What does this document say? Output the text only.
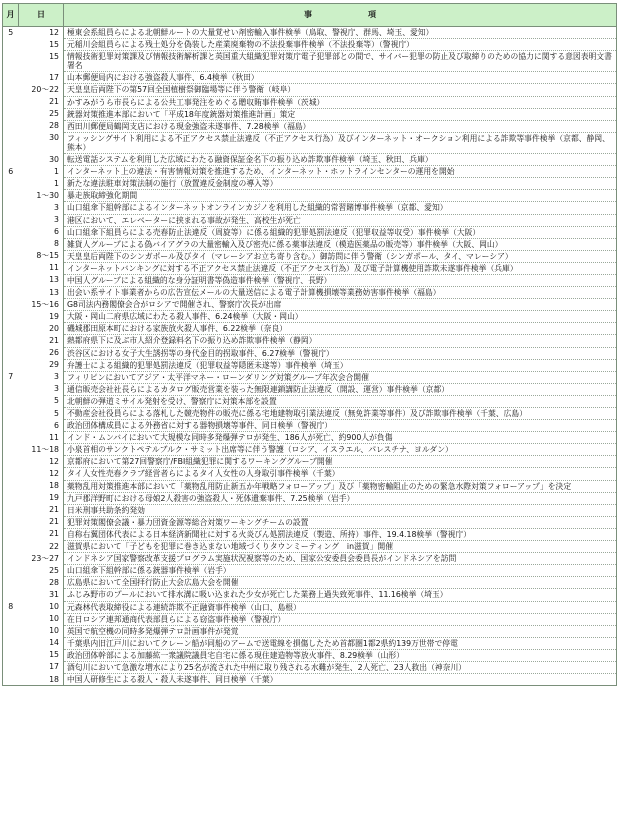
月	日	事　　　　　　　項
5	12	極東会系組員らによる北朝鮮ルートの大量覚せい剤密輸入事件検挙（鳥取、警視庁、群馬、埼玉、愛知）
	15	元稲川会組員らによる残土処分を偽装した産業廃棄物の不法投棄事件検挙（不法投棄等）（警視庁）
	15	情報技術犯罪対策課及び情報技術解析課と英国重大組織犯罪対策庁電子犯罪部との間で、サイバー犯罪の防止及び取締りのための協力に関する意図表明文書署名
	17	山本郵便局内における強盗殺人事件、6.4検挙（秋田）
	20～22	天皇皇后両陛下の第57回全国植樹祭御臨場等に伴う警衛（岐阜）
	21	かすみがうら市長らによる公共工事発注をめぐる贈収賄事件検挙（茨城）
	25	銃器対策推進本部において「平成18年度銃器対策推進計画」策定
	28	西田川郵便局鶴岡支店における現金強盗未遂事件、7.28検挙（福島）
	30	フィッシングサイト利用による不正アクセス禁止法違反（不正アクセス行為）及びインターネット・オークション利用による詐欺等事件検挙（京都、静岡、熊本）
	30	転送電話システムを利用した広域にわたる融資保証金名下の振り込め詐欺事件検挙（埼玉、秋田、兵庫）
6	1	インターネット上の違法・有害情報対策を推進するため、インターネット・ホットラインセンターの運用を開始
	1	新たな違法駐車対策法制の施行（放置違反金制度の導入等）
	1～30	暴走族取締強化期間
	3	山口組傘下組幹部によるインターネットオンラインカジノを利用した組織的常習賭博事件検挙（京都、愛知）
	3	港区において、エレベーターに挟まれる事故が発生、高校生が死亡
	6	山口組傘下組員らによる売春防止法違反（周旋等）に係る組織的犯罪処罰法違反（犯罪収益等収受）事件検挙（大阪）
	8	雑貨人グループによる偽バイアグラの大量密輸入及び密売に係る薬事法違反（模造医薬品の販売等）事件検挙（大阪、岡山）
	8～15	天皇皇后両陛下のシンガポール及びタイ（マレーシアお立ち寄り含む。）御訪問に伴う警衛（シンガポール、タイ、マレーシア）
	11	インターネットバンキングに対する不正アクセス禁止法違反（不正アクセス行為）及び電子計算機使用詐欺未遂事件検挙（兵庫）
	13	中国人グループによる組織的な身分証明書等偽造事件検挙（警視庁、長野）
	13	出会い系サイト事業者からの広告宣伝メールの大量送信による電子計算機損壊等業務妨害事件検挙（福島）
	15～16	G8司法内務閣僚会合がロシアで開催され、警察庁次長が出席
	19	大阪・岡山二府県広域にわたる殺人事件、6.24検挙（大阪・岡山）
	20	磯城郡田原本町における家族放火殺人事件、6.22検挙（奈良）
	21	熱都府県下に及ぶ市人紹介登録料名下の振り込め詐欺事件検挙（静岡）
	26	渋谷区における女子大生誘拐等の身代金目的拐取事件、6.27検挙（警視庁）
	29	弁護士による組織的犯罪処罰法違反（犯罪収益等隠匿未遂等）事件検挙（埼玉）
7	3	フィリピンにおいてアジア・太平洋マネー・ローンダリング対策グループ年次会合開催
	3	通信販売会社社長らによるカタログ販売営業を装った無限連鎖講防止法違反（開設、運営）事件検挙（京都）
	5	北朝鮮の弾道ミサイル発射を受け、警察庁に対策本部を設置
	5	不動産会社役員らによる落札した競売物件の販売に係る宅地建物取引業法違反（無免許業等事件）及び詐欺事件検挙（千葉、広島）
	6	政治団体構成員による外務省に対する器物損壊等事件、同日検挙（警視庁）
	11	インド・ムンバイにおいて大規模な同時多発爆弾テロが発生、186人が死亡、約900人が負傷
	11～18	小泉首相のサンクトペテルブルク・サミット出席等に伴う警護（ロシア、イスラエル、パレスチナ、ヨルダン）
	12	京都府において第27回警察庁/FBI組織犯罪に関するワーキンググループ開催
	12	タイ人女性売春クラブ経営者らによるタイ人女性の人身取引事件検挙（千葉）
	18	薬物乱用対策推進本部において「薬物乱用防止新五か年戦略フォローアップ」及び「薬物密輸阻止のための緊急水際対策フォローアップ」を決定
	19	九戸郡洋野町における母娘2人殺害の強盗殺人・死体遺棄事件、7.25検挙（岩手）
	21	日米刑事共助条約発効
	21	犯罪対策閣僚会議・暴力団資金源等総合対策ワーキングチームの設置
	21	自称右翼団体代表による日本経済新聞社に対する火炎びん処罰法違反（製造、所持）事件、19.4.18検挙（警視庁）
	22	滋賀県において「子どもを犯罪に巻き込まない地域づくりタウンミーティング　in滋賀」開催
	23～27	インドネシア国家警察改革支援プログラム実施状況視察等のため、国家公安委員会委員長がインドネシアを訪問
	25	山口組傘下組幹部に係る銃器事件検挙（岩手）
	28	広島県において全国拝行防止大会広島大会を開催
	31	ふじみ野市のプールにおいて排水溝に吸い込まれた少女が死亡した業務上過失致死事件、11.16検挙（埼玉）
8	10	元森林代表取締役による連続詐欺不正融資事件検挙（山口、島根）
	10	在日ロシア連邦通商代表部員らによる窃盗事件検挙（警視庁）
	10	英国で航空機の同時多発爆弾テロ計画事件が発覚
	14	千葉県内旧江戸川においてクレーン船が同船のアームで送電線を損傷したため首都圏1都2県約139万世帯で停電
	15	政治団体幹部による加藤紘一衆議院議員宅自宅に係る現住建造物等放火事件、8.29検挙（山形）
	17	酒匂川において急激な増水により25名が流された中州に取り残される水難が発生、2人死亡、23人救出（神奈川）
	18	中国人研修生による殺人・殺人未遂事件、同日検挙（千葉）
